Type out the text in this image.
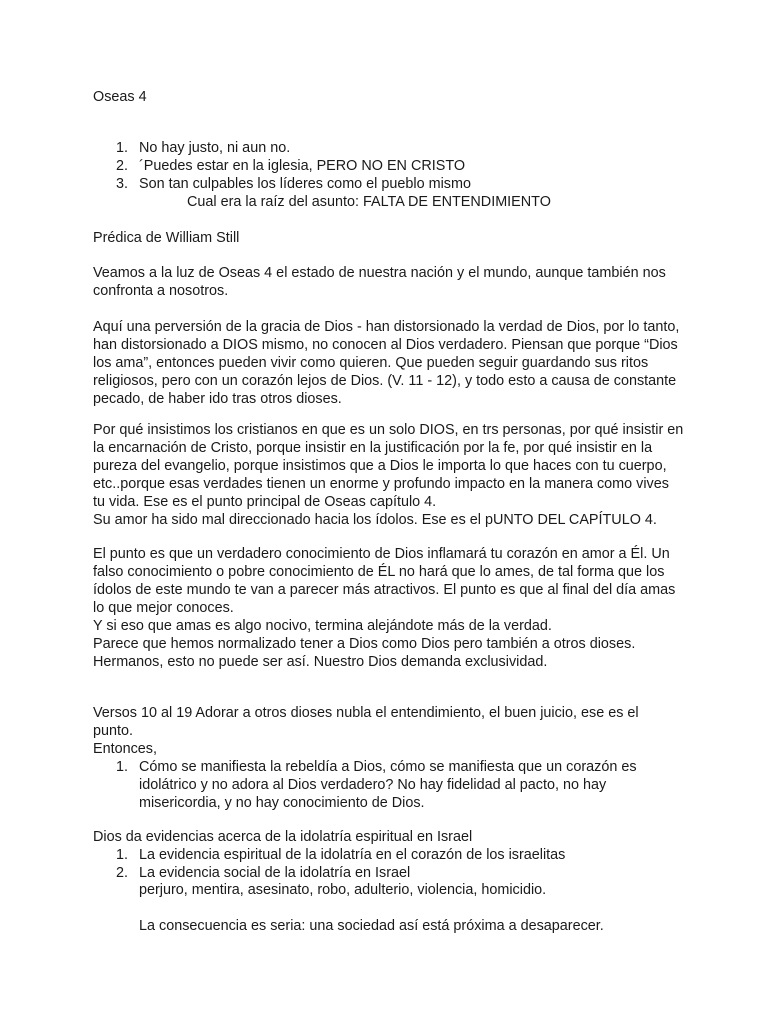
Oseas 4
1. No hay justo, ni aun no.
2. ´Puedes estar en la iglesia, PERO NO EN CRISTO
3. Son tan culpables los líderes como el pueblo mismo
Cual era la raíz del asunto: FALTA DE ENTENDIMIENTO
Prédica de William Still
Veamos a la luz de Oseas 4 el estado de nuestra nación y el mundo, aunque también nos
confronta a nosotros.
Aquí una perversión de la gracia de Dios - han distorsionado la verdad de Dios, por lo tanto,
han distorsionado a DIOS mismo, no conocen al Dios verdadero. Piensan que porque “Dios
los ama”, entonces pueden vivir como quieren. Que pueden seguir guardando sus ritos
religiosos, pero con un corazón lejos de Dios. (V. 11 - 12), y todo esto a causa de constante
pecado, de haber ido tras otros dioses.
Por qué insistimos los cristianos en que es un solo DIOS, en trs personas, por qué insistir en
la encarnación de Cristo, porque insistir en la justificación por la fe, por qué insistir en la
pureza del evangelio, porque insistimos que a Dios le importa lo que haces con tu cuerpo,
etc..porque esas verdades tienen un enorme y profundo impacto en la manera como vives
tu vida. Ese es el punto principal de Oseas capítulo 4.
Su amor ha sido mal direccionado hacia los ídolos. Ese es el pUNTO DEL CAPÍTULO 4.
El punto es que un verdadero conocimiento de Dios inflamará tu corazón en amor a Él. Un
falso conocimiento o pobre conocimiento de ÉL no hará que lo ames, de tal forma que los
ídolos de este mundo te van a parecer más atractivos. El punto es que al final del día amas
lo que mejor conoces.
Y si eso que amas es algo nocivo, termina alejándote más de la verdad.
Parece que hemos normalizado tener a Dios como Dios pero también a otros dioses.
Hermanos, esto no puede ser así. Nuestro Dios demanda exclusividad.
Versos 10 al 19 Adorar a otros dioses nubla el entendimiento, el buen juicio, ese es el
punto.
Entonces,
1. Cómo se manifiesta la rebeldía a Dios, cómo se manifiesta que un corazón es
idolátrico y no adora al Dios verdadero? No hay fidelidad al pacto, no hay
misericordia, y no hay conocimiento de Dios.
Dios da evidencias acerca de la idolatría espiritual en Israel
1. La evidencia espiritual de la idolatría en el corazón de los israelitas
2. La evidencia social de la idolatría en Israel
perjuro, mentira, asesinato, robo, adulterio, violencia, homicidio.
La consecuencia es seria: una sociedad así está próxima a desaparecer.
